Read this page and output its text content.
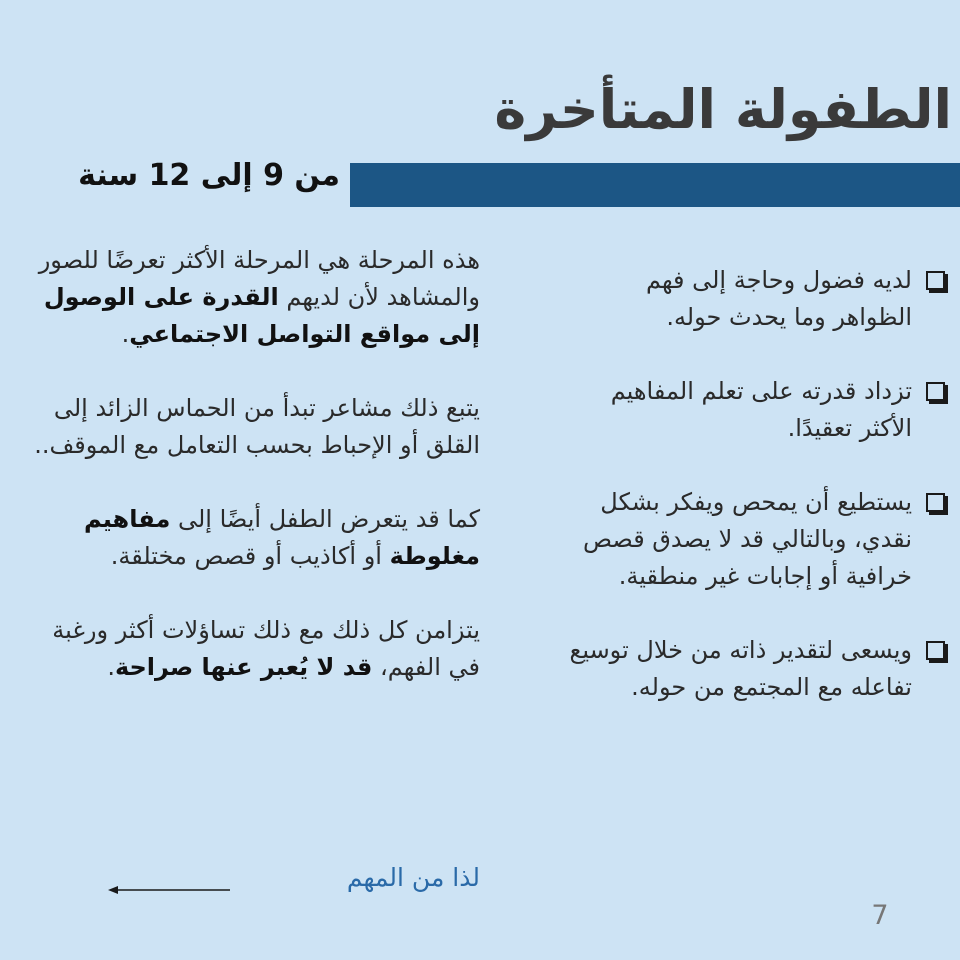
الطفولة المتأخرة
من 9 إلى 12 سنة

هذه المرحلة هي المرحلة الأكثر تعرضًا للصور والمشاهد لأن لديهم القدرة على الوصول إلى مواقع التواصل الاجتماعي.

يتبع ذلك مشاعر تبدأ من الحماس الزائد إلى القلق أو الإحباط بحسب التعامل مع الموقف..

كما قد يتعرض الطفل أيضًا إلى مفاهيم مغلوطة أو أكاذيب أو قصص مختلقة.

يتزامن كل ذلك مع ذلك تساؤلات أكثر ورغبة في الفهم، قد لا يُعبر عنها صراحة.

لديه فضول وحاجة إلى فهم الظواهر وما يحدث حوله.
تزداد قدرته على تعلم المفاهيم الأكثر تعقيدًا.
يستطيع أن يمحص ويفكر بشكل نقدي، وبالتالي قد لا يصدق قصص خرافية أو إجابات غير منطقية.
ويسعى لتقدير ذاته من خلال توسيع تفاعله مع المجتمع من حوله.
لذا من المهم
7
